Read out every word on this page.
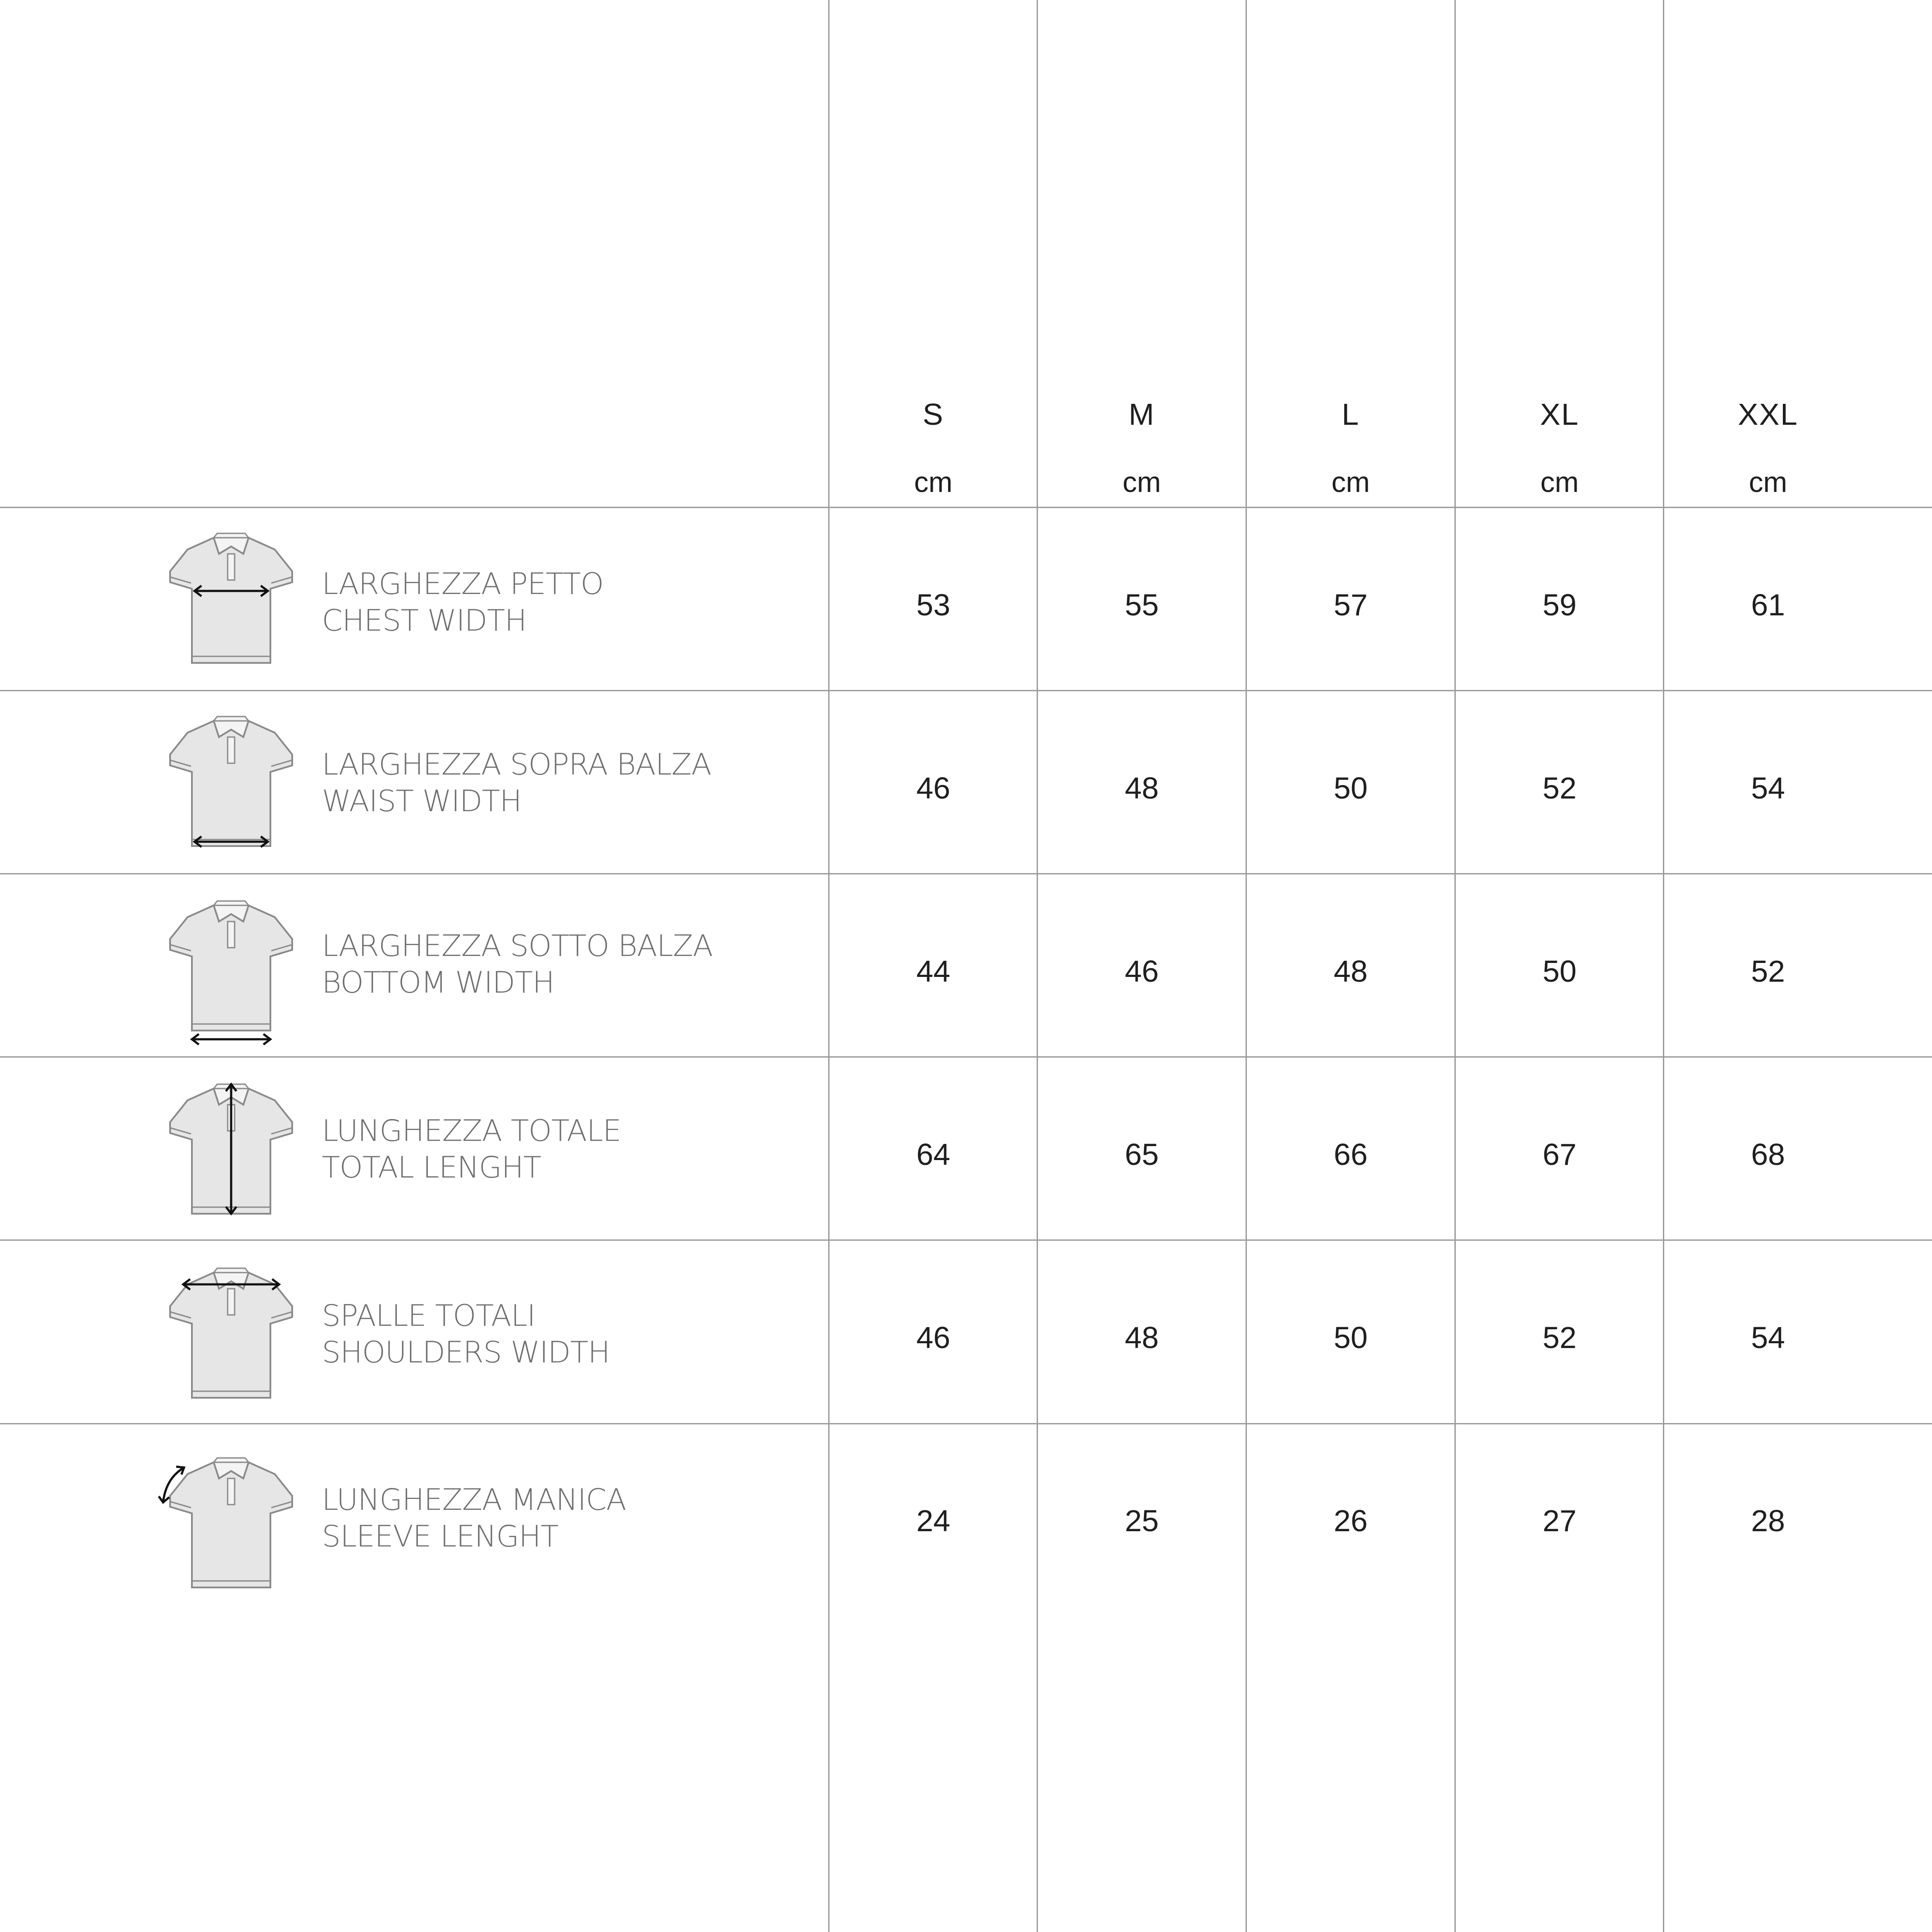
S	M	L	XL	XXL
cm	cm	cm	cm	cm
LARGHEZZA PETTO
CHEST WIDTH	53	55	57	59	61
LARGHEZZA SOPRA BALZA
WAIST WIDTH	46	48	50	52	54
LARGHEZZA SOTTO BALZA
BOTTOM WIDTH	44	46	48	50	52
LUNGHEZZA TOTALE
TOTAL LENGHT	64	65	66	67	68
SPALLE TOTALI
SHOULDERS WIDTH	46	48	50	52	54
LUNGHEZZA MANICA
SLEEVE LENGHT	24	25	26	27	28
